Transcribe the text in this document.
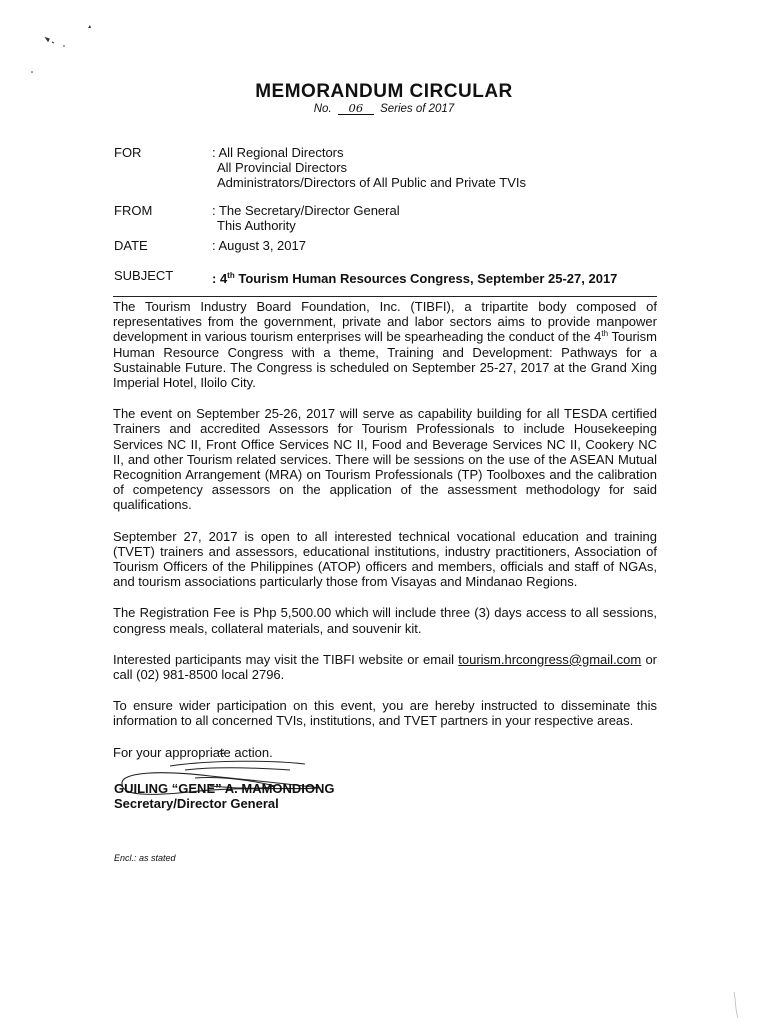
MEMORANDUM CIRCULAR
No. 06 Series of 2017
FOR	: All Regional Directors
All Provincial Directors
Administrators/Directors of All Public and Private TVIs
FROM	: The Secretary/Director General
This Authority
DATE	: August 3, 2017
SUBJECT	: 4th Tourism Human Resources Congress, September 25-27, 2017

The Tourism Industry Board Foundation, Inc. (TIBFI), a tripartite body composed of representatives from the government, private and labor sectors aims to provide manpower development in various tourism enterprises will be spearheading the conduct of the 4th Tourism Human Resource Congress with a theme, Training and Development: Pathways for a Sustainable Future. The Congress is scheduled on September 25-27, 2017 at the Grand Xing Imperial Hotel, Iloilo City.

The event on September 25-26, 2017 will serve as capability building for all TESDA certified Trainers and accredited Assessors for Tourism Professionals to include Housekeeping Services NC II, Front Office Services NC II, Food and Beverage Services NC II, Cookery NC II, and other Tourism related services. There will be sessions on the use of the ASEAN Mutual Recognition Arrangement (MRA) on Tourism Professionals (TP) Toolboxes and the calibration of competency assessors on the application of the assessment methodology for said qualifications.

September 27, 2017 is open to all interested technical vocational education and training (TVET) trainers and assessors, educational institutions, industry practitioners, Association of Tourism Officers of the Philippines (ATOP) officers and members, officials and staff of NGAs, and tourism associations particularly those from Visayas and Mindanao Regions.

The Registration Fee is Php 5,500.00 which will include three (3) days access to all sessions, congress meals, collateral materials, and souvenir kit.

Interested participants may visit the TIBFI website or email tourism.hrcongress@gmail.com or call (02) 981-8500 local 2796.

To ensure wider participation on this event, you are hereby instructed to disseminate this information to all concerned TVIs, institutions, and TVET partners in your respective areas.

For your appropriate action.

GUILING “GENE” A. MAMONDIONG
Secretary/Director General
Encl.: as stated
